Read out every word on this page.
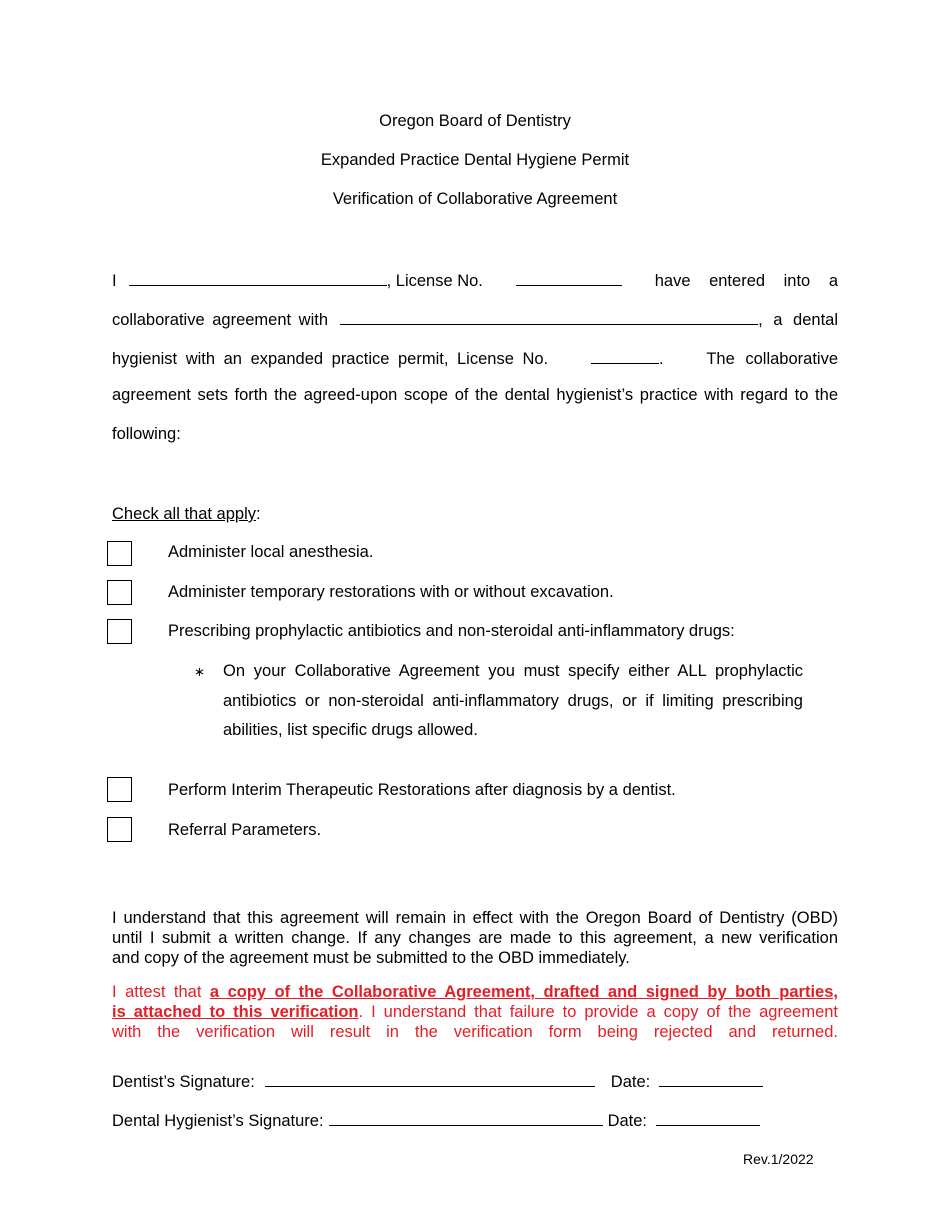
Oregon Board of Dentistry
Expanded Practice Dental Hygiene Permit
Verification of Collaborative Agreement
I	, License No.	have entered into a
collaborative agreement with	, a dental
hygienist with an expanded practice permit, License No.	.	The collaborative
agreement sets forth the agreed-upon scope of the dental hygienist’s practice with regard to the
following:
Check all that apply:
Administer local anesthesia.
Administer temporary restorations with or without excavation.
Prescribing prophylactic antibiotics and non-steroidal anti-inflammatory drugs:
∗ On your Collaborative Agreement you must specify either ALL prophylactic
antibiotics or non-steroidal anti-inflammatory drugs, or if limiting prescribing
abilities, list specific drugs allowed.
Perform Interim Therapeutic Restorations after diagnosis by a dentist.
Referral Parameters.
I understand that this agreement will remain in effect with the Oregon Board of Dentistry (OBD)
until I submit a written change. If any changes are made to this agreement, a new verification
and copy of the agreement must be submitted to the OBD immediately.
I attest that a copy of the Collaborative Agreement, drafted and signed by both parties,
is attached to this verification. I understand that failure to provide a copy of the agreement
with the verification will result in the verification form being rejected and returned.
Dentist’s Signature:	Date:
Dental Hygienist’s Signature:	Date:
Rev.1/2022
